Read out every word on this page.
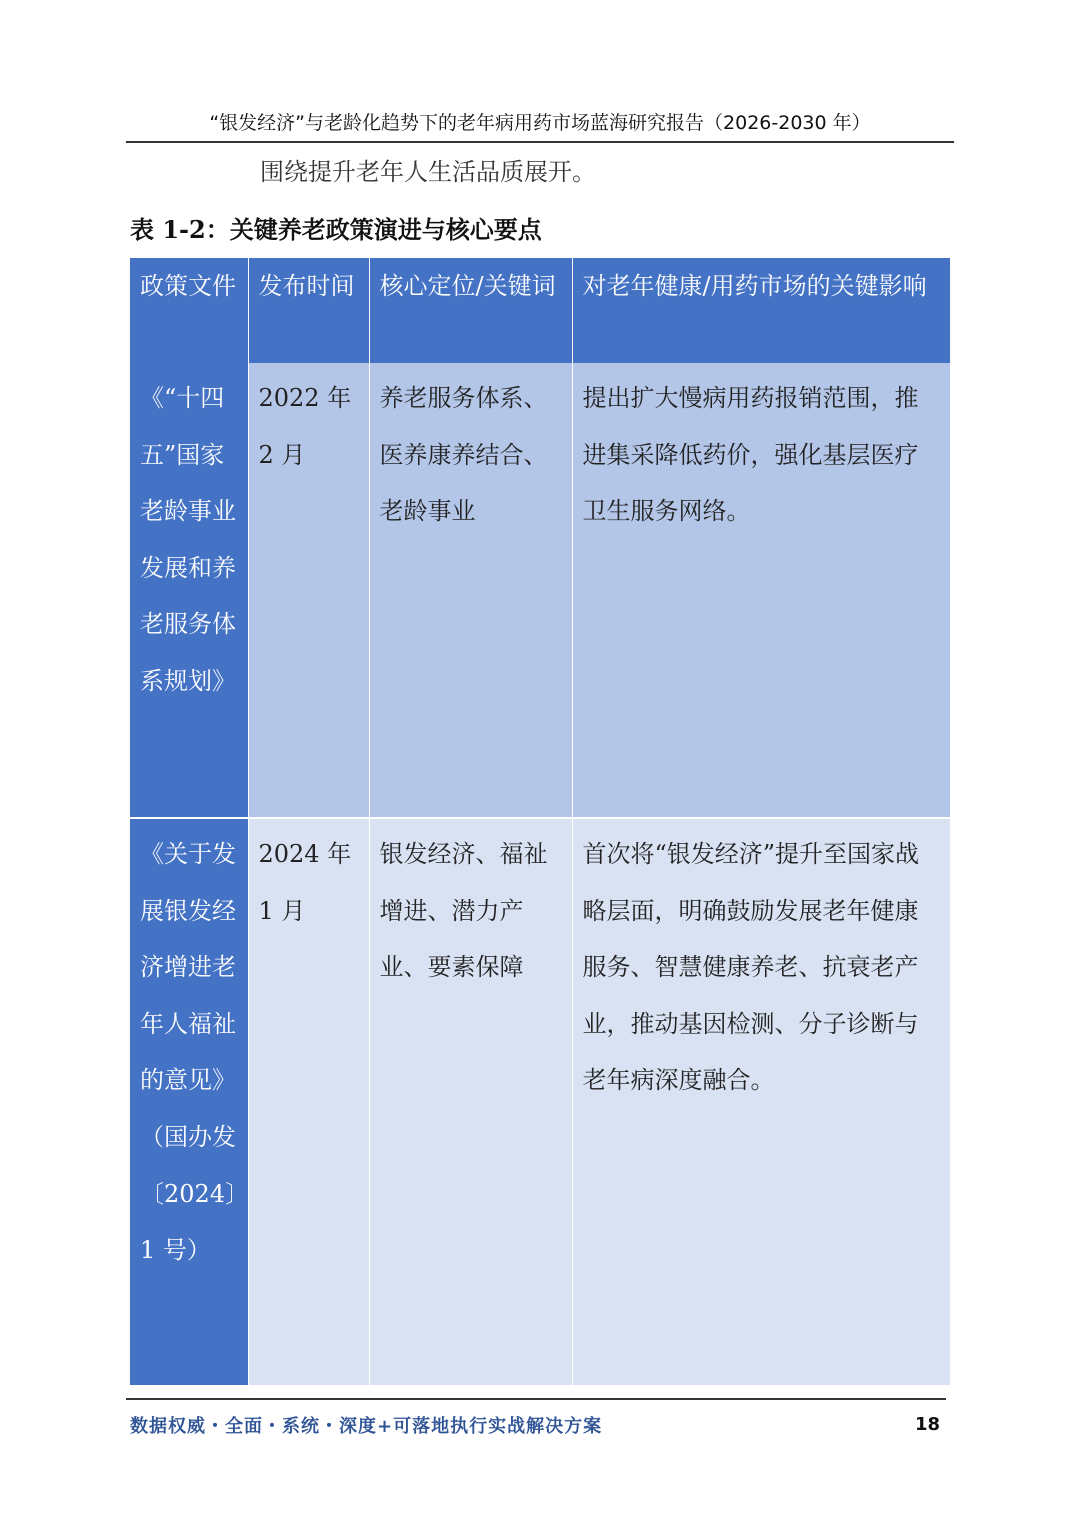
“银发经济”与老龄化趋势下的老年病用药市场蓝海研究报告（2026-2030 年）
围绕提升老年人生活品质展开。
表 1-2：关键养老政策演进与核心要点
政策文件	发布时间	核心定位/关键词	对老年健康/用药市场的关键影响
《“十四五”国家老龄事业发展和养老服务体系规划》	2022 年 2 月	养老服务体系、医养康养结合、老龄事业	提出扩大慢病用药报销范围，推进集采降低药价，强化基层医疗卫生服务网络。
《关于发展银发经济增进老年人福祉的意见》（国办发〔2024〕1 号）	2024 年 1 月	银发经济、福祉增进、潜力产业、要素保障	首次将“银发经济”提升至国家战略层面，明确鼓励发展老年健康服务、智慧健康养老、抗衰老产业，推动基因检测、分子诊断与老年病深度融合。
数据权威・全面・系统・深度+可落地执行实战解决方案	18
